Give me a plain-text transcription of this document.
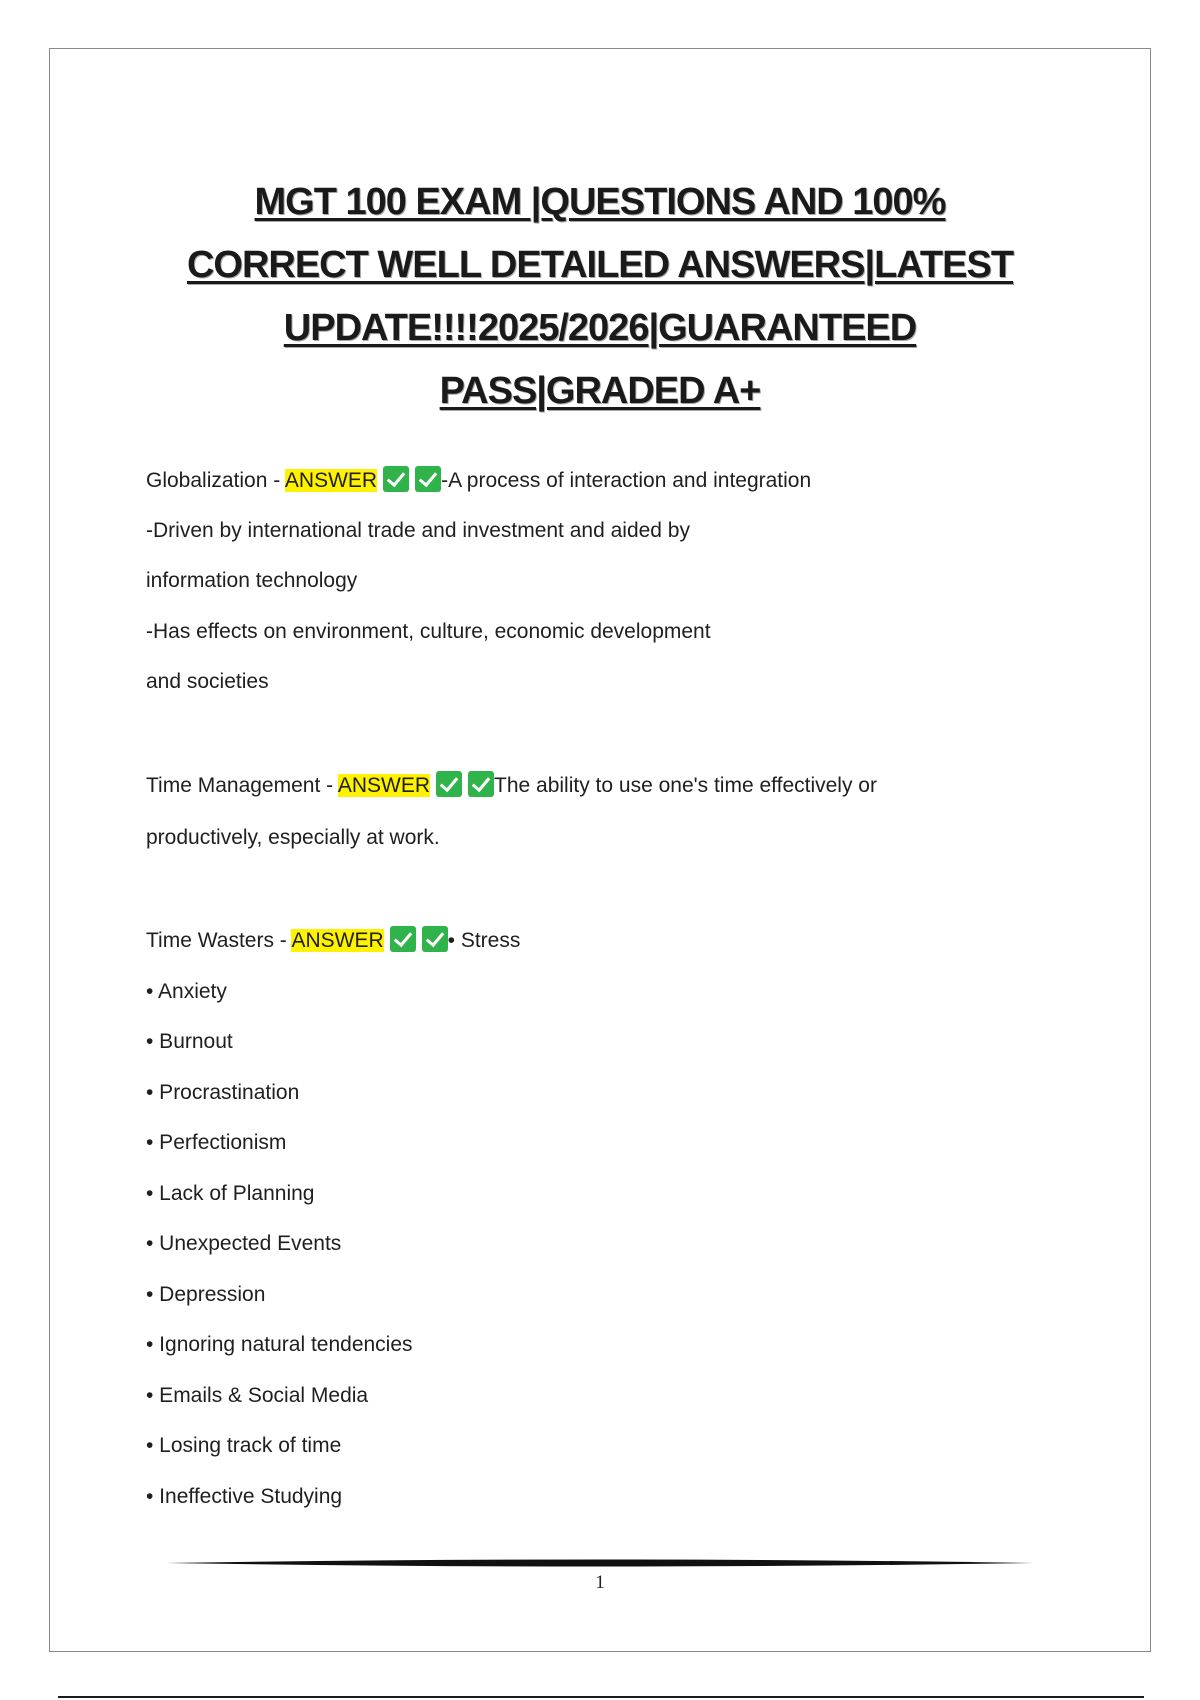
MGT 100 EXAM |QUESTIONS AND 100%
CORRECT WELL DETAILED ANSWERS|LATEST
UPDATE!!!!2025/2026|GUARANTEED
PASS|GRADED A+
Globalization - ANSWER	-A process of interaction and integration
-Driven by international trade and investment and aided by
information technology
-Has effects on environment, culture, economic development
and societies
Time Management - ANSWER	The ability to use one's time effectively or
productively, especially at work.
Time Wasters - ANSWER	• Stress
• Anxiety
• Burnout
• Procrastination
• Perfectionism
• Lack of Planning
• Unexpected Events
• Depression
• Ignoring natural tendencies
• Emails & Social Media
• Losing track of time
• Ineffective Studying
1
